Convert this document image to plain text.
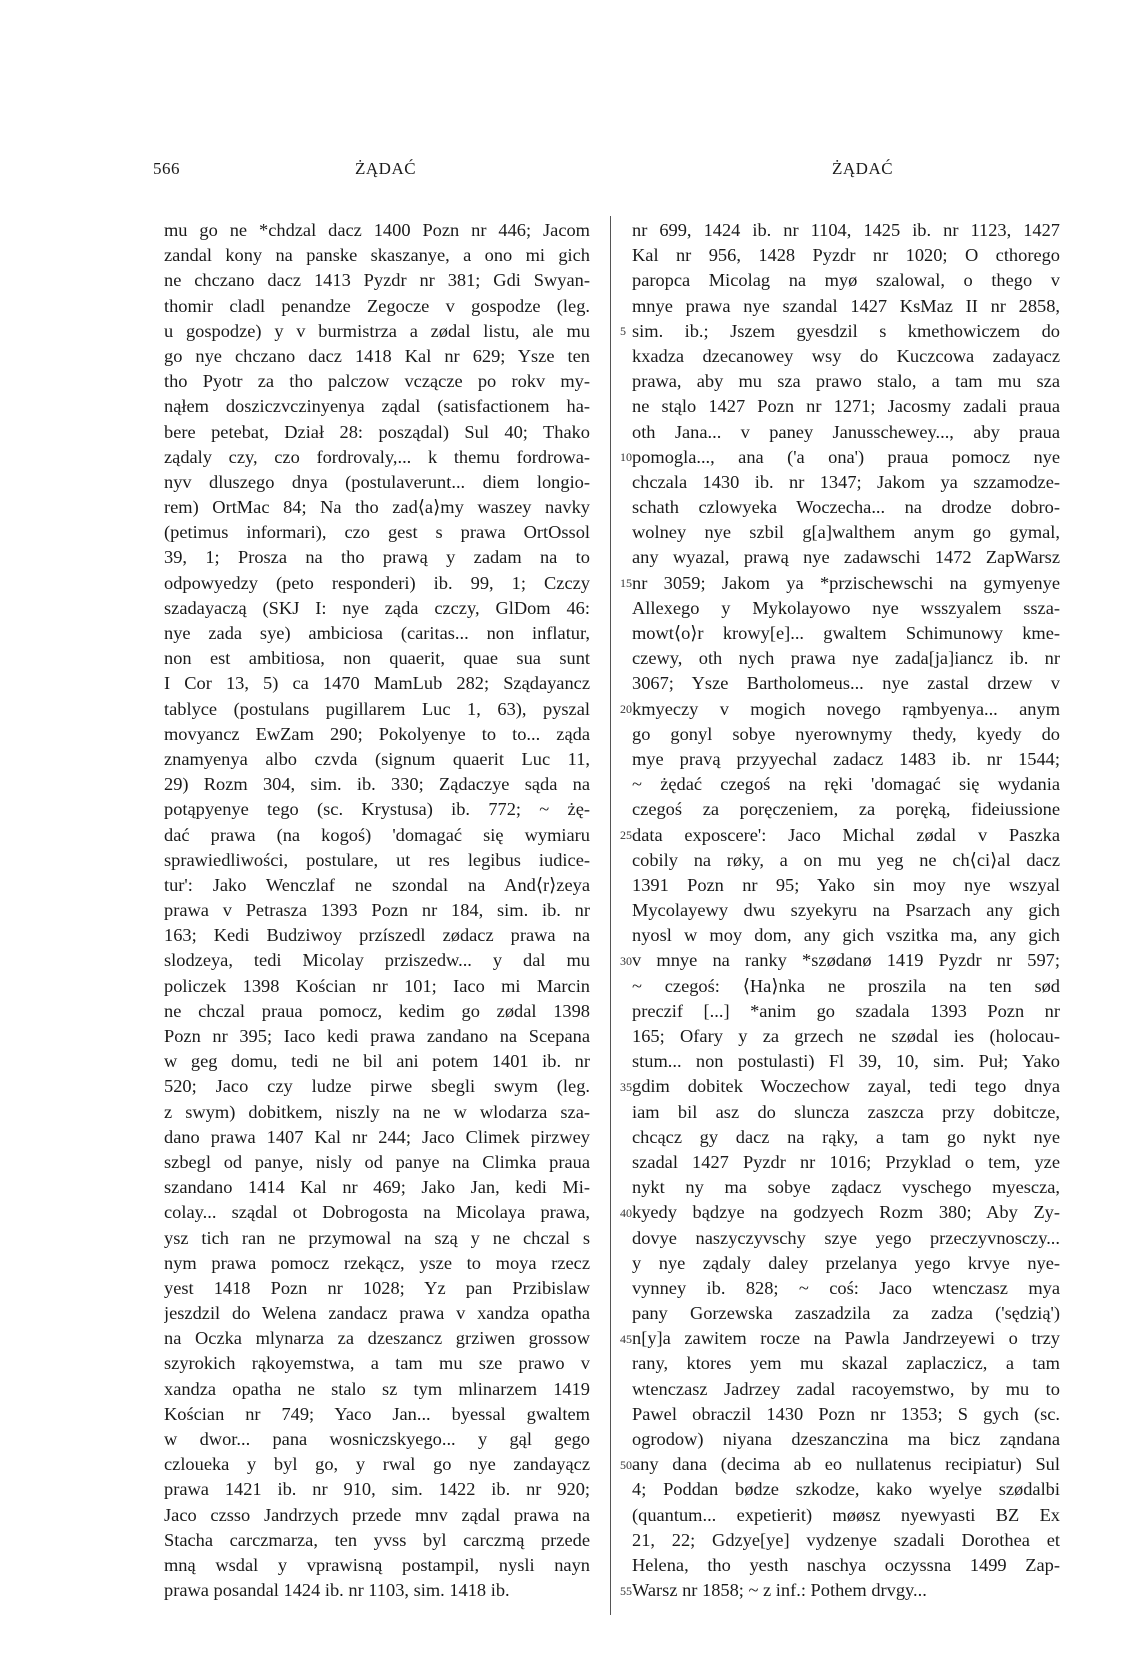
566	ŻĄDAĆ	ŻĄDAĆ
mu go ne *chdzal dacz 1400 Pozn nr 446; Jacom
zandal kony na panske skaszanye, a ono mi gich
ne chczano dacz 1413 Pyzdr nr 381; Gdi Swyan-
thomir cladl penandze Zegocze v gospodze (leg.
u gospodze) y v burmistrza a zødal listu, ale mu
go nye chczano dacz 1418 Kal nr 629; Ysze ten
tho Pyotr za tho palczow vcząсze po rokv my-
nąłem dosziczvczinyenya ządal (satisfactionem ha-
bere petebat, Dział 28: posządal) Sul 40; Thako
ządaly czy, czo fordrovaly,... k themu fordrowa-
nyv dluszego dnya (postulaverunt... diem longio-
rem) OrtMac 84; Na tho zad⟨a⟩my waszey navky
(petimus informari), czo gest s prawa OrtOssol
39, 1; Prosza na tho prawą y zadam na to
odpowyedzy (peto responderi) ib. 99, 1; Czczy
szadayaczą (SKJ I: nye ząda czczy, GlDom 46:
nye zada sye) ambiciosa (caritas... non inflatur,
non est ambitiosa, non quaerit, quae sua sunt
I Cor 13, 5) ca 1470 MamLub 282; Sządayancz
tablyce (postulans pugillarem Luc 1, 63), pyszal
movyancz EwZam 290; Pokolyenye to to... ząda
znamyenya albo czvda (signum quaerit Luc 11,
29) Rozm 304, sim. ib. 330; Ządaczye sąda na
potąpyenye tego (sc. Krystusa) ib. 772; ~ żę-
dać prawa (na kogoś) 'domagać się wymiaru
sprawiedliwości, postulare, ut res legibus iudice-
tur': Jako Wenczlaf ne szondal na And⟨r⟩zeya
prawa v Petrasza 1393 Pozn nr 184, sim. ib. nr
163; Kedi Budziwoy przíszedl zødacz prawa na
slodzeya, tedi Micolay prziszedw... y dal mu
policzek 1398 Kościan nr 101; Iaco mi Marcin
ne chczal praua pomocz, kedim go zødal 1398
Pozn nr 395; Iaco kedi prawa zandano na Scepana
w geg domu, tedi ne bil ani potem 1401 ib. nr
520; Jaco czy ludze pirwe sbegli swym (leg.
z swym) dobitkem, niszly na ne w wlodarza sza-
dano prawa 1407 Kal nr 244; Jaco Climek pirzwey
szbegl od panye, nisly od panye na Climka praua
szandano 1414 Kal nr 469; Jako Jan, kedi Mi-
colay... sządal ot Dobrogosta na Micolaya prawa,
ysz tich ran ne przymowal na szą y ne chczal s
nym prawa pomocz rzekącz, ysze to moya rzecz
yest 1418 Pozn nr 1028; Yz pan Przibislaw
jeszdzil do Welena zandacz prawa v xandza opatha
na Oczka mlynarza za dzeszancz grziwen grossow
szyrokich rąkoyemstwa, a tam mu sze prawo v
xandza opatha ne stalo sz tym mlinarzem 1419
Kościan nr 749; Yaco Jan... byessal gwaltem
w dwor... pana wosniczskyego... y gąl gego
czloueka y byl go, y rwal go nye zandayącz
prawa 1421 ib. nr 910, sim. 1422 ib. nr 920;
Jaco czsso Jandrzych przede mnv ządal prawa na
Stacha carczmarza, ten yvss byl carczmą przede
mną wsdal y vprawisną postampil, nysli nayn
prawa posandal 1424 ib. nr 1103, sim. 1418 ib.
nr 699, 1424 ib. nr 1104, 1425 ib. nr 1123, 1427
Kal nr 956, 1428 Pyzdr nr 1020; O cthorego
paropca Micolag na myø szalowal, o thego v
mnye prawa nye szandal 1427 KsMaz II nr 2858,
sim. ib.; Jszem gyesdzil s kmethowiczem do
kxadza dzecanowey wsy do Kuczcowa zadayacz
prawa, aby mu sza prawo stalo, a tam mu sza
ne stąlo 1427 Pozn nr 1271; Jacosmy zadali praua
oth Jana... v paney Janusschewey..., aby praua
pomogla..., ana ('a ona') praua pomocz nye
chczala 1430 ib. nr 1347; Jakom ya szzamodze-
schath czlowyeka Woczecha... na drodze dobro-
wolney nye szbil g[a]walthem anym go gymal,
any wyazal, prawą nye zadawschi 1472 ZapWarsz
nr 3059; Jakom ya *przischewschi na gymyenye
Allexego y Mykolayowo nye wsszyalem ssza-
mowt⟨o⟩r krowy[e]... gwaltem Schimunowy kme-
czewy, oth nych prawa nye zada[ja]iancz ib. nr
3067; Ysze Bartholomeus... nye zastal drzew v
kmyeczy v mogich novego rąmbyenya... anym
go gonyl sobye nyerownymy thedy, kyedy do
mye pravą przyyechal zadacz 1483 ib. nr 1544;
~ żędać czegoś na ręki 'domagać się wydania
czegoś za poręczeniem, za poręką, fideiussione
data exposcere': Jaco Michal zødal v Paszka
cobily na røky, a on mu yeg ne ch⟨ci⟩al dacz
1391 Pozn nr 95; Yako sin moy nye wszyal
Mycolayewy dwu szyekyru na Psarzach any gich
nyosl w moy dom, any gich vszitka ma, any gich
v mnye na ranky *szødanø 1419 Pyzdr nr 597;
~ czegoś: ⟨Ha⟩nka ne proszila na ten sød
preczif [...] *anim go szadala 1393 Pozn nr
165; Ofary y za grzech ne szødal ies (holocau-
stum... non postulasti) Fl 39, 10, sim. Puł; Yako
gdim dobitek Woczechow zayal, tedi tego dnya
iam bil asz do sluncza zaszcza przy dobitcze,
chcącz gy dacz na rąky, a tam go nykt nye
szadal 1427 Pyzdr nr 1016; Przyklad o tem, yze
nykt ny ma sobye ządacz vyschego myescza,
kyedy bądzye na godzyech Rozm 380; Aby Zy-
dovye naszyczyvschy szye yego przeczyvnosczy...
y nye ządaly daley przelanya yego krvye nye-
vynney ib. 828; ~ coś: Jaco wtenczasz mya
pany Gorzewska zaszadzila za zadza ('sędzią')
n[y]a zawitem rocze na Pawla Jandrzeyewi o trzy
rany, ktores yem mu skazal zaplaczicz, a tam
wtenczasz Jadrzey zadal racoyemstwo, by mu to
Pawel obraczil 1430 Pozn nr 1353; S gych (sc.
ogrodow) niyana dzeszanczina ma bicz ząndana
any dana (decima ab eo nullatenus recipiatur) Sul
4; Poddan bødze szkodze, kako wyelye szødalbi
(quantum... expetierit) møøsz nyewyasti BZ Ex
21, 22; Gdzye[ye] vydzenye szadali Dorothea et
Helena, tho yesth naschya oczyssna 1499 Zap-
Warsz nr 1858; ~ z inf.: Pothem drvgy...
5
10
15
20
25
30
35
40
45
50
55
